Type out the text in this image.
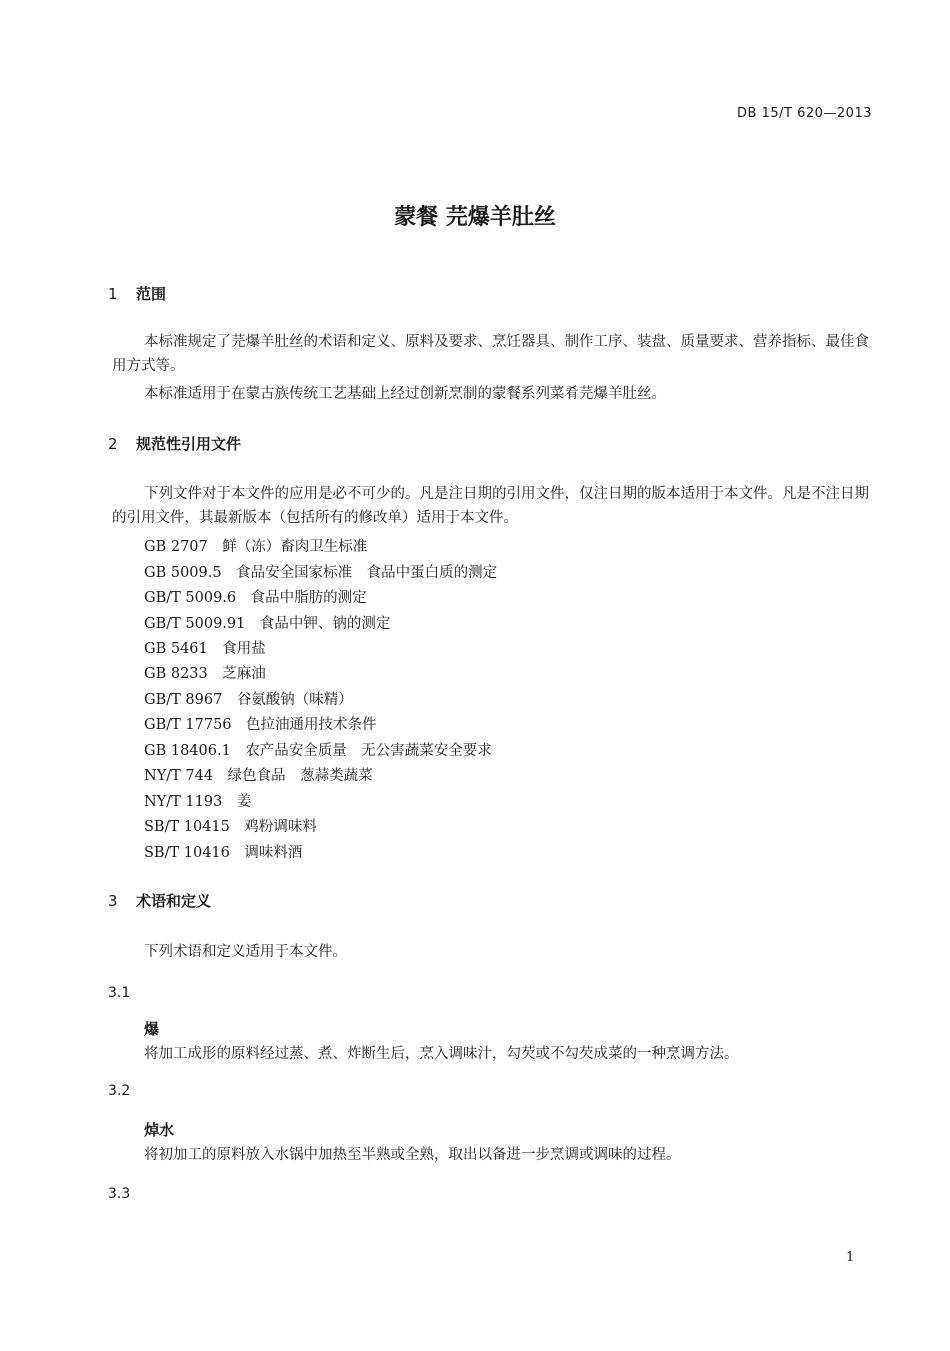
DB 15/T 620—2013
蒙餐 芫爆羊肚丝
1 范围
本标准规定了芫爆羊肚丝的术语和定义、原料及要求、烹饪器具、制作工序、装盘、质量要求、营养指标、最佳食用方式等。
本标准适用于在蒙古族传统工艺基础上经过创新烹制的蒙餐系列菜肴芫爆羊肚丝。
2 规范性引用文件
下列文件对于本文件的应用是必不可少的。凡是注日期的引用文件，仅注日期的版本适用于本文件。凡是不注日期的引用文件，其最新版本（包括所有的修改单）适用于本文件。
GB 2707　 鲜（冻）畜肉卫生标准
GB 5009.5　 食品安全国家标准　食品中蛋白质的测定
GB/T 5009.6　 食品中脂肪的测定
GB/T 5009.91　 食品中钾、钠的测定
GB 5461　 食用盐
GB 8233　 芝麻油
GB/T 8967　 谷氨酸钠（味精）
GB/T 17756　 色拉油通用技术条件
GB 18406.1　 农产品安全质量　无公害蔬菜安全要求
NY/T 744　 绿色食品　葱蒜类蔬菜
NY/T 1193　 姜
SB/T 10415　 鸡粉调味料
SB/T 10416　 调味料酒
3 术语和定义
下列术语和定义适用于本文件。
3.1
爆
将加工成形的原料经过蒸、煮、炸断生后，烹入调味汁，勾芡或不勾芡成菜的一种烹调方法。
3.2
焯水
将初加工的原料放入水锅中加热至半熟或全熟，取出以备进一步烹调或调味的过程。
3.3
1
